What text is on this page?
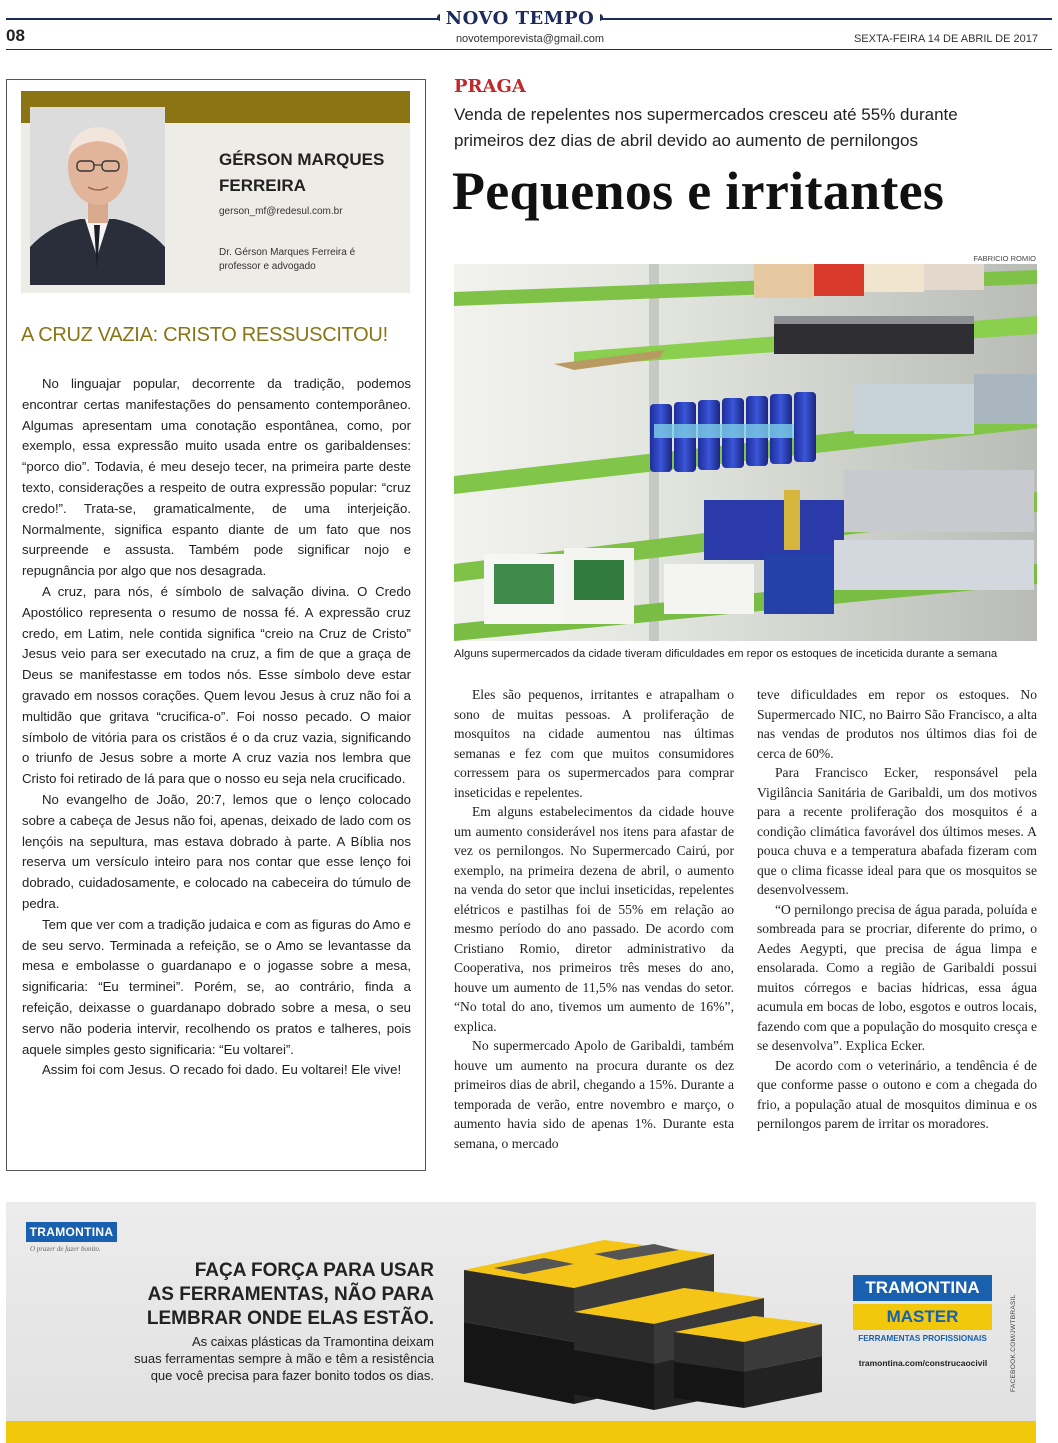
NOVO TEMPO
08	novotemporevista@gmail.com	SEXTA-FEIRA 14 DE ABRIL DE 2017
GÉRSON MARQUES
FERREIRA
gerson_mf@redesul.com.br
Dr. Gérson Marques Ferreira é professor e advogado
A CRUZ VAZIA: CRISTO RESSUSCITOU!

No linguajar popular, decorrente da tradição, podemos encontrar certas manifestações do pensamento contemporâneo. Algumas apresentam uma conotação espontânea, como, por exemplo, essa expressão muito usada entre os garibaldenses: “porco dio”. Todavia, é meu desejo tecer, na primeira parte deste texto, considerações a respeito de outra expressão popular: “cruz credo!”. Trata-se, gramaticalmente, de uma interjeição. Normalmente, significa espanto diante de um fato que nos surpreende e assusta. Também pode significar nojo e repugnância por algo que nos desagrada.

A cruz, para nós, é símbolo de salvação divina. O Credo Apostólico representa o resumo de nossa fé. A expressão cruz credo, em Latim, nele contida significa “creio na Cruz de Cristo” Jesus veio para ser executado na cruz, a fim de que a graça de Deus se manifestasse em todos nós. Esse símbolo deve estar gravado em nossos corações. Quem levou Jesus à cruz não foi a multidão que gritava “crucifica-o”. Foi nosso pecado. O maior símbolo de vitória para os cristãos é o da cruz vazia, significando o triunfo de Jesus sobre a morte A cruz vazia nos lembra que Cristo foi retirado de lá para que o nosso eu seja nela crucificado.

No evangelho de João, 20:7, lemos que o lenço colocado sobre a cabeça de Jesus não foi, apenas, deixado de lado com os lençóis na sepultura, mas estava dobrado à parte. A Bíblia nos reserva um versículo inteiro para nos contar que esse lenço foi dobrado, cuidadosamente, e colocado na cabeceira do túmulo de pedra.

Tem que ver com a tradição judaica e com as figuras do Amo e de seu servo. Terminada a refeição, se o Amo se levantasse da mesa e embolasse o guardanapo e o jogasse sobre a mesa, significaria: “Eu terminei”. Porém, se, ao contrário, finda a refeição, deixasse o guardanapo dobrado sobre a mesa, o seu servo não poderia intervir, recolhendo os pratos e talheres, pois aquele simples gesto significaria: “Eu voltarei”.

Assim foi com Jesus. O recado foi dado. Eu voltarei! Ele vive!

PRAGA
Venda de repelentes nos supermercados cresceu até 55% durante primeiros dez dias de abril devido ao aumento de pernilongos
Pequenos e irritantes
FABRICIO ROMIO
Alguns supermercados da cidade tiveram dificuldades em repor os estoques de inceticida durante a semana

Eles são pequenos, irritantes e atrapalham o sono de muitas pessoas. A proliferação de mosquitos na cidade aumentou nas últimas semanas e fez com que muitos consumidores corressem para os supermercados para comprar inseticidas e repelentes.

Em alguns estabelecimentos da cidade houve um aumento considerável nos itens para afastar de vez os pernilongos. No Supermercado Cairú, por exemplo, na primeira dezena de abril, o aumento na venda do setor que inclui inseticidas, repelentes elétricos e pastilhas foi de 55% em relação ao mesmo período do ano passado. De acordo com Cristiano Romio, diretor administrativo da Cooperativa, nos primeiros três meses do ano, houve um aumento de 11,5% nas vendas do setor. “No total do ano, tivemos um aumento de 16%”, explica.

No supermercado Apolo de Garibaldi, também houve um aumento na procura durante os dez primeiros dias de abril, chegando a 15%. Durante a temporada de verão, entre novembro e março, o aumento havia sido de apenas 1%. Durante esta semana, o mercado

teve dificuldades em repor os estoques. No Supermercado NIC, no Bairro São Francisco, a alta nas vendas de produtos nos últimos dias foi de cerca de 60%.

Para Francisco Ecker, responsável pela Vigilância Sanitária de Garibaldi, um dos motivos para a recente proliferação dos mosquitos é a condição climática favorável dos últimos meses. A pouca chuva e a temperatura abafada fizeram com que o clima ficasse ideal para que os mosquitos se desenvolvessem.

“O pernilongo precisa de água parada, poluída e sombreada para se procriar, diferente do primo, o Aedes Aegypti, que precisa de água limpa e ensolarada. Como a região de Garibaldi possui muitos córregos e bacias hídricas, essa água acumula em bocas de lobo, esgotos e outros locais, fazendo com que a população do mosquito cresça e se desenvolva”. Explica Ecker.

De acordo com o veterinário, a tendência é de que conforme passe o outono e com a chegada do frio, a população atual de mosquitos diminua e os pernilongos parem de irritar os moradores.

TRAMONTINA
O prazer de fazer bonito.
FAÇA FORÇA PARA USAR
AS FERRAMENTAS, NÃO PARA
LEMBRAR ONDE ELAS ESTÃO.
As caixas plásticas da Tramontina deixam
suas ferramentas sempre à mão e têm a resistência
que você precisa para fazer bonito todos os dias.
TRAMONTINA
MASTER
FERRAMENTAS PROFISSIONAIS
tramontina.com/construcaocivil	FACEBOOK.COM/JWTBRASIL
